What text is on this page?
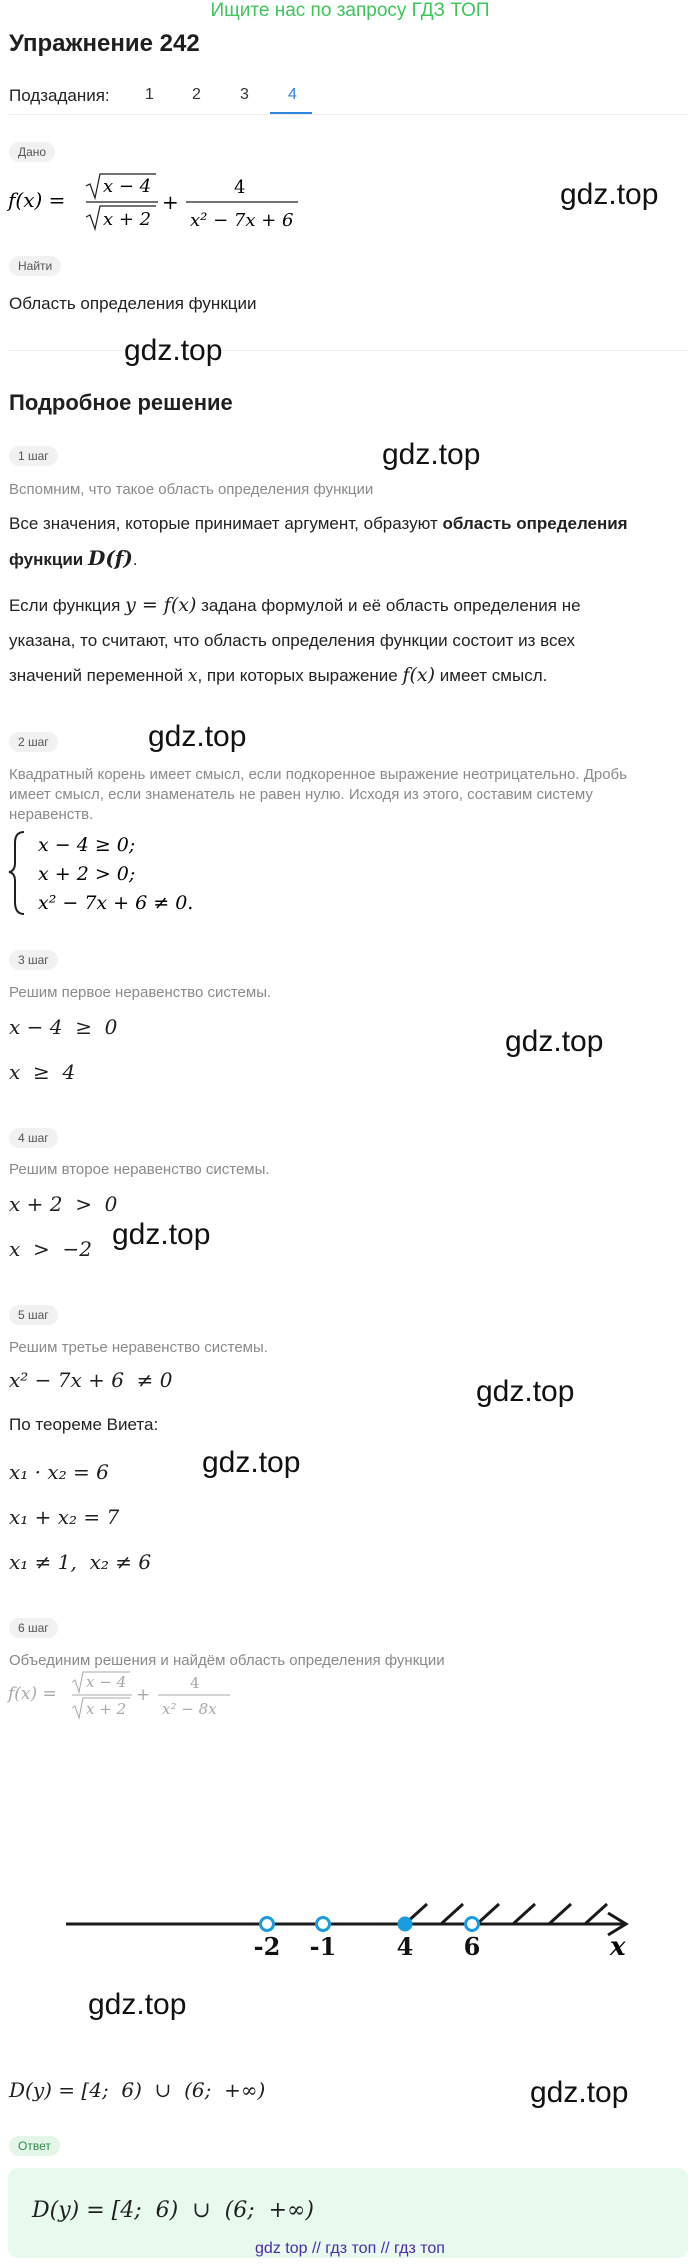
Ищите нас по запросу ГДЗ ТОП
Упражнение 242
Подзадания: 1 2 3 4
Дано
f(x) =
x − 4
x + 2
+
4
x² − 7x + 6
Найти
Область определения функции
Подробное решение
1 шаг
Вспомним, что такое область определения функции
Все значения, которые принимает аргумент, образуют область определения
функции D(f).
Если функция y = f(x) задана формулой и её область определения не
указана, то считают, что область определения функции состоит из всех
значений переменной x, при которых выражение f(x) имеет смысл.
2 шаг
Квадратный корень имеет смысл, если подкоренное выражение неотрицательно. Дробь
имеет смысл, если знаменатель не равен нулю. Исходя из этого, составим систему
неравенств.
x − 4 ≥ 0;
x + 2 > 0;
x² − 7x + 6 ≠ 0.
3 шаг
Решим первое неравенство системы.
x − 4  ≥  0
x  ≥  4
4 шаг
Решим второе неравенство системы.
x + 2  >  0
x  >  −2
5 шаг
Решим третье неравенство системы.
x² − 7x + 6  ≠ 0
По теореме Виета:
x₁ · x₂ = 6
x₁ + x₂ = 7
x₁ ≠ 1,  x₂ ≠ 6
6 шаг
Объединим решения и найдём область определения функции
f(x) =
x − 4
x + 2
+
4
x² − 8x
-2 -1	4 6	x
D(y) = [4;  6)  ∪  (6;  +∞)
Ответ
D(y) = [4;  6)  ∪  (6;  +∞)
gdz.top
gdz.top
gdz.top
gdz.top
gdz.top
gdz.top
gdz.top
gdz.top
gdz.top
gdz.top
gdz top // гдз топ // гдз топ
